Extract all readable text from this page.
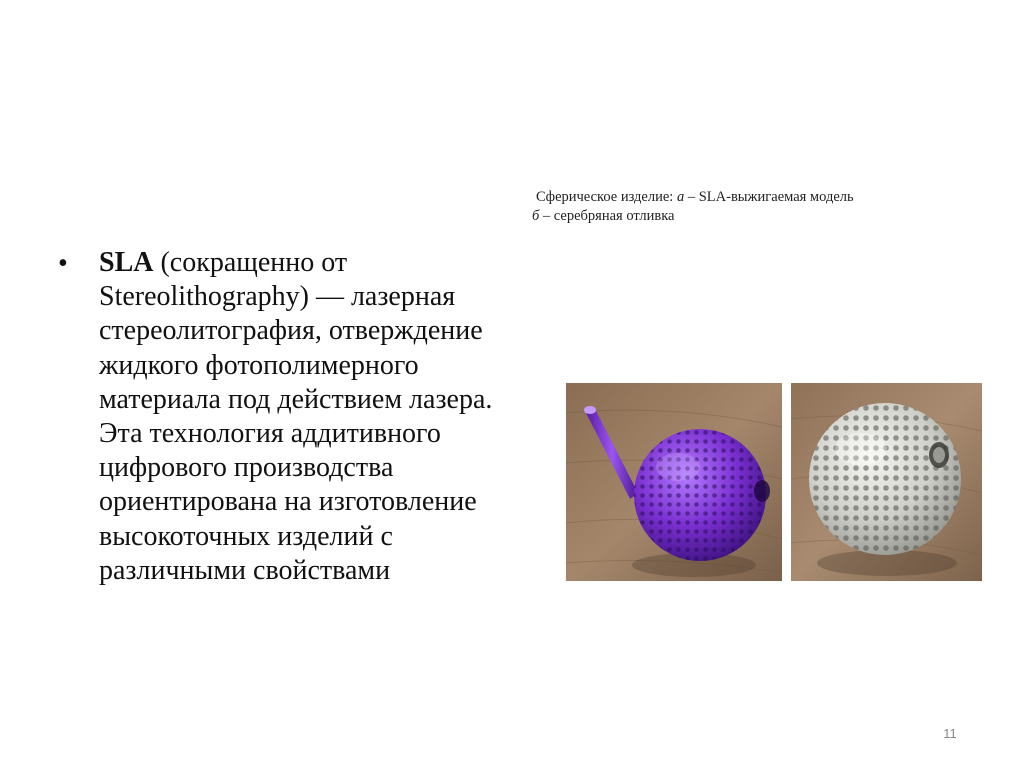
Сферическое изделие: а – SLA-выжигаемая модель
б – серебряная отливка
• SLA (сокращенно от Stereolithography) — лазерная стереолитография, отверждение жидкого фотополимерного материала под действием лазера. Эта технология аддитивного цифрового производства ориентирована на изготовление высокоточных изделий с различными свойствами
11
